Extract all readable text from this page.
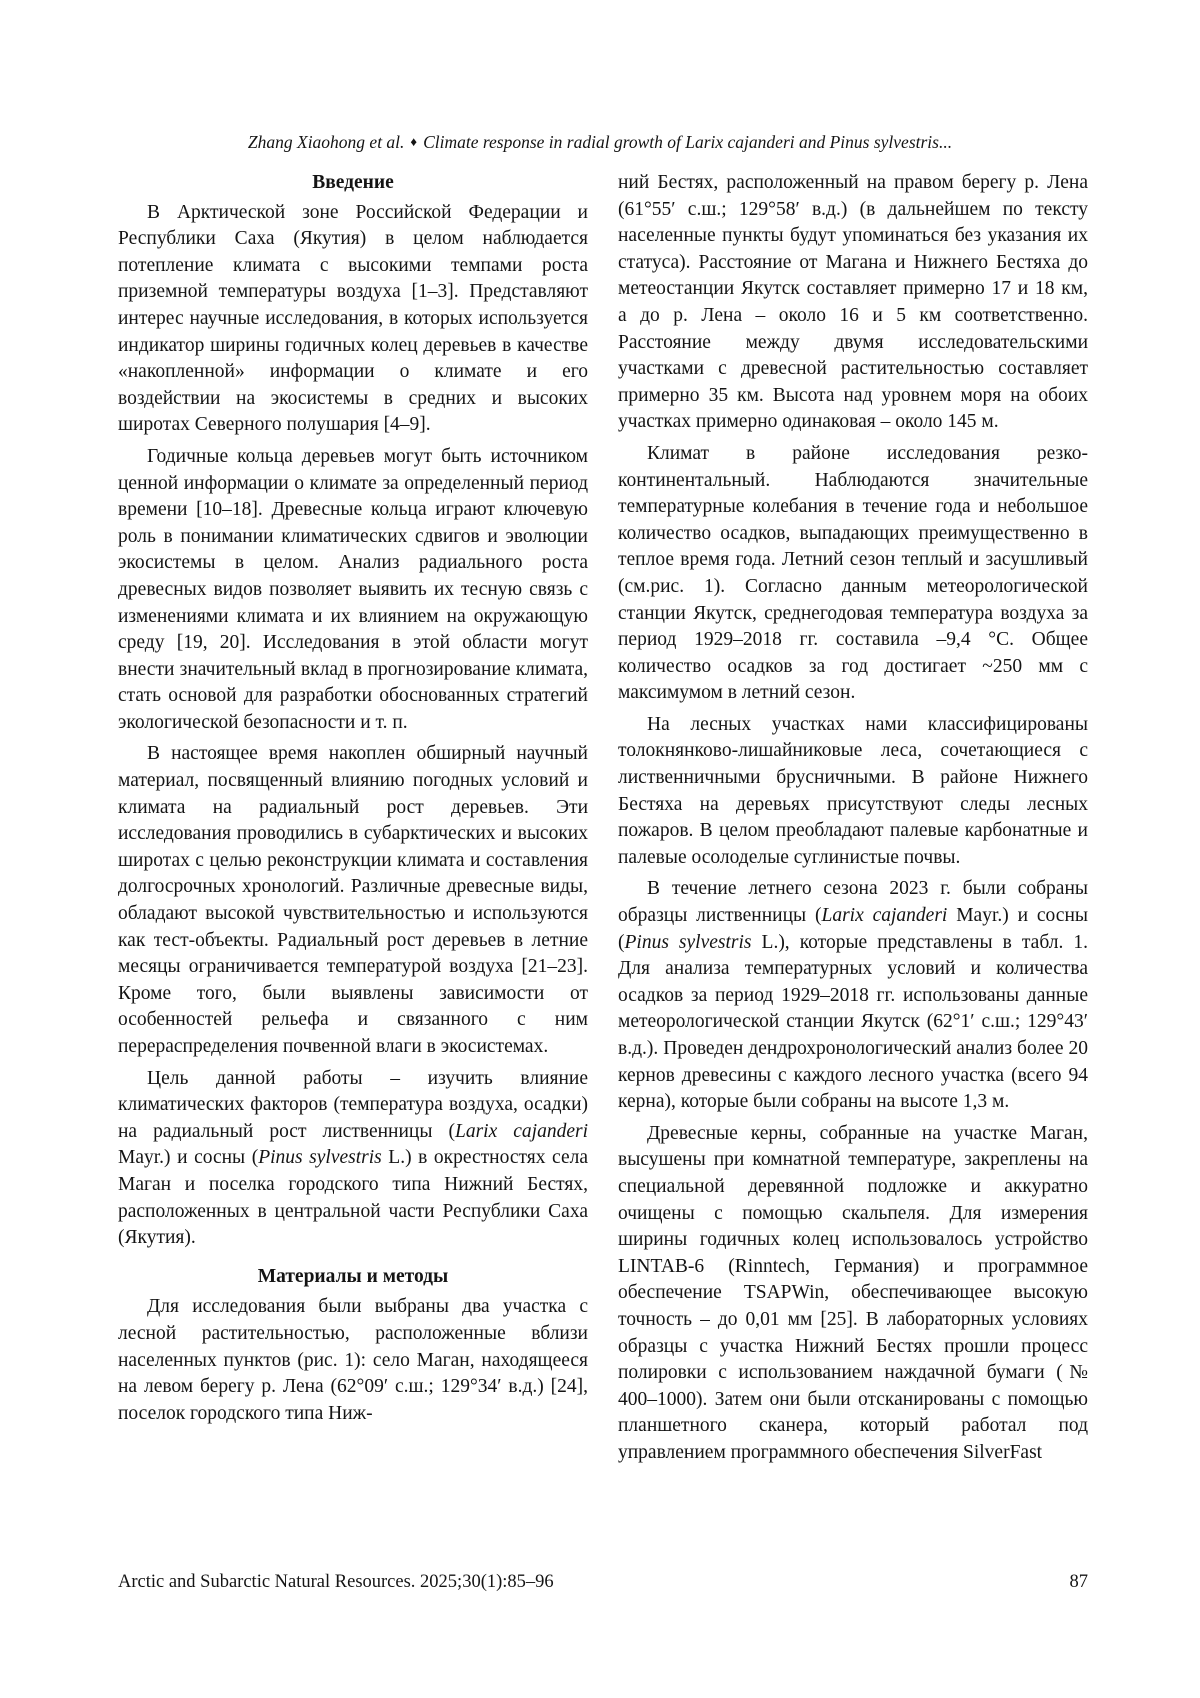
Zhang Xiaohong et al. ♦ Climate response in radial growth of Larix cajanderi and Pinus sylvestris...
Введение

В Арктической зоне Российской Федерации и Республики Саха (Якутия) в целом наблюдается потепление климата с высокими темпами роста приземной температуры воздуха [1–3]. Представляют интерес научные исследования, в которых используется индикатор ширины годичных колец деревьев в качестве «накопленной» информации о климате и его воздействии на экосистемы в средних и высоких широтах Северного полушария [4–9].

Годичные кольца деревьев могут быть источником ценной информации о климате за определенный период времени [10–18]. Древесные кольца играют ключевую роль в понимании климатических сдвигов и эволюции экосистемы в целом. Анализ радиального роста древесных видов позволяет выявить их тесную связь с изменениями климата и их влиянием на окружающую среду [19, 20]. Исследования в этой области могут внести значительный вклад в прогнозирование климата, стать основой для разработки обоснованных стратегий экологической безопасности и т. п.

В настоящее время накоплен обширный научный материал, посвященный влиянию погодных условий и климата на радиальный рост деревьев. Эти исследования проводились в субарктических и высоких широтах с целью реконструкции климата и составления долгосрочных хронологий. Различные древесные виды, обладают высокой чувствительностью и используются как тест-объекты. Радиальный рост деревьев в летние месяцы ограничивается температурой воздуха [21–23]. Кроме того, были выявлены зависимости от особенностей рельефа и связанного с ним перераспределения почвенной влаги в экосистемах.

Цель данной работы – изучить влияние климатических факторов (температура воздуха, осадки) на радиальный рост лиственницы (Larix cajanderi Mayr.) и сосны (Pinus sylvestris L.) в окрестностях села Маган и поселка городского типа Нижний Бестях, расположенных в центральной части Республики Саха (Якутия).

Материалы и методы

Для исследования были выбраны два участка с лесной растительностью, расположенные вблизи населенных пунктов (рис. 1): село Маган, находящееся на левом берегу р. Лена (62°09′ с.ш.; 129°34′ в.д.) [24], поселок городского типа Ниж-

ний Бестях, расположенный на правом берегу р. Лена (61°55′ с.ш.; 129°58′ в.д.) (в дальнейшем по тексту населенные пункты будут упоминаться без указания их статуса). Расстояние от Магана и Нижнего Бестяха до метеостанции Якутск составляет примерно 17 и 18 км, а до р. Лена – около 16 и 5 км соответственно. Расстояние между двумя исследовательскими участками с древесной растительностью составляет примерно 35 км. Высота над уровнем моря на обоих участках примерно одинаковая – около 145 м.

Климат в районе исследования резко-континентальный. Наблюдаются значительные температурные колебания в течение года и небольшое количество осадков, выпадающих преимущественно в теплое время года. Летний сезон теплый и засушливый (см.рис. 1). Согласно данным метеорологической станции Якутск, среднегодовая температура воздуха за период 1929–2018 гг. составила –9,4 °C. Общее количество осадков за год достигает ~250 мм с максимумом в летний сезон.

На лесных участках нами классифицированы толокнянково-лишайниковые леса, сочетающиеся с лиственничными брусничными. В районе Нижнего Бестяха на деревьях присутствуют следы лесных пожаров. В целом преобладают палевые карбонатные и палевые осолоделые суглинистые почвы.

В течение летнего сезона 2023 г. были собраны образцы лиственницы (Larix cajanderi Mayr.) и сосны (Pinus sylvestris L.), которые представлены в табл. 1. Для анализа температурных условий и количества осадков за период 1929–2018 гг. использованы данные метеорологической станции Якутск (62°1′ с.ш.; 129°43′ в.д.). Проведен дендрохронологический анализ более 20 кернов древесины с каждого лесного участка (всего 94 керна), которые были собраны на высоте 1,3 м.

Древесные керны, собранные на участке Маган, высушены при комнатной температуре, закреплены на специальной деревянной подложке и аккуратно очищены с помощью скальпеля. Для измерения ширины годичных колец использовалось устройство LINTAB-6 (Rinntech, Германия) и программное обеспечение TSAPWin, обеспечивающее высокую точность – до 0,01 мм [25]. В лабораторных условиях образцы с участка Нижний Бестях прошли процесс полировки с использованием наждачной бумаги (№ 400–1000). Затем они были отсканированы с помощью планшетного сканера, который работал под управлением программного обеспечения SilverFast

Arctic and Subarctic Natural Resources. 2025;30(1):85–96	87
